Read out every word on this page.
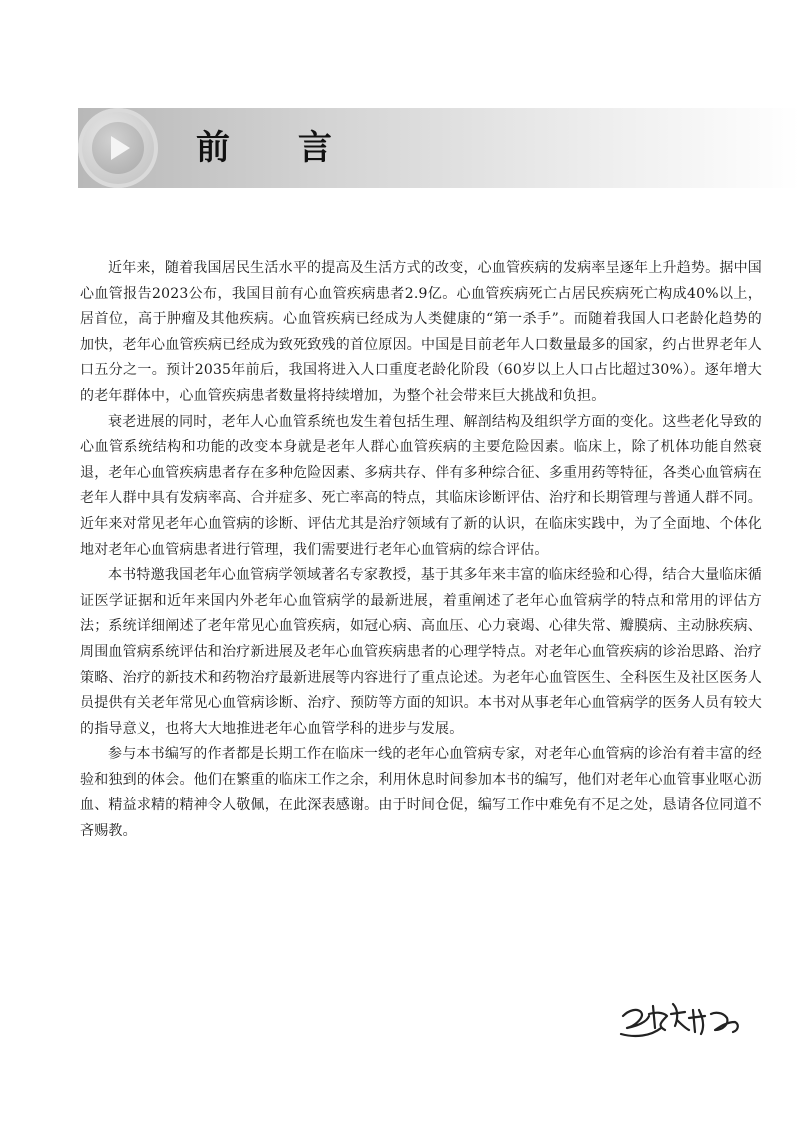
前 言

近年来，随着我国居民生活水平的提高及生活方式的改变，心血管疾病的发病率呈逐年上升趋势。据中国心血管报告2023公布，我国目前有心血管疾病患者2.9亿。心血管疾病死亡占居民疾病死亡构成40%以上，居首位，高于肿瘤及其他疾病。心血管疾病已经成为人类健康的“第一杀手”。而随着我国人口老龄化趋势的加快，老年心血管疾病已经成为致死致残的首位原因。中国是目前老年人口数量最多的国家，约占世界老年人口五分之一。预计2035年前后，我国将进入人口重度老龄化阶段（60岁以上人口占比超过30%）。逐年增大的老年群体中，心血管疾病患者数量将持续增加，为整个社会带来巨大挑战和负担。

衰老进展的同时，老年人心血管系统也发生着包括生理、解剖结构及组织学方面的变化。这些老化导致的心血管系统结构和功能的改变本身就是老年人群心血管疾病的主要危险因素。临床上，除了机体功能自然衰退，老年心血管疾病患者存在多种危险因素、多病共存、伴有多种综合征、多重用药等特征，各类心血管病在老年人群中具有发病率高、合并症多、死亡率高的特点，其临床诊断评估、治疗和长期管理与普通人群不同。近年来对常见老年心血管病的诊断、评估尤其是治疗领域有了新的认识，在临床实践中，为了全面地、个体化地对老年心血管病患者进行管理，我们需要进行老年心血管病的综合评估。

本书特邀我国老年心血管病学领域著名专家教授，基于其多年来丰富的临床经验和心得，结合大量临床循证医学证据和近年来国内外老年心血管病学的最新进展，着重阐述了老年心血管病学的特点和常用的评估方法；系统详细阐述了老年常见心血管疾病，如冠心病、高血压、心力衰竭、心律失常、瓣膜病、主动脉疾病、周围血管病系统评估和治疗新进展及老年心血管疾病患者的心理学特点。对老年心血管疾病的诊治思路、治疗策略、治疗的新技术和药物治疗最新进展等内容进行了重点论述。为老年心血管医生、全科医生及社区医务人员提供有关老年常见心血管病诊断、治疗、预防等方面的知识。本书对从事老年心血管病学的医务人员有较大的指导意义，也将大大地推进老年心血管学科的进步与发展。

参与本书编写的作者都是长期工作在临床一线的老年心血管病专家，对老年心血管病的诊治有着丰富的经验和独到的体会。他们在繁重的临床工作之余，利用休息时间参加本书的编写，他们对老年心血管事业呕心沥血、精益求精的精神令人敬佩，在此深表感谢。由于时间仓促，编写工作中难免有不足之处，恳请各位同道不吝赐教。
